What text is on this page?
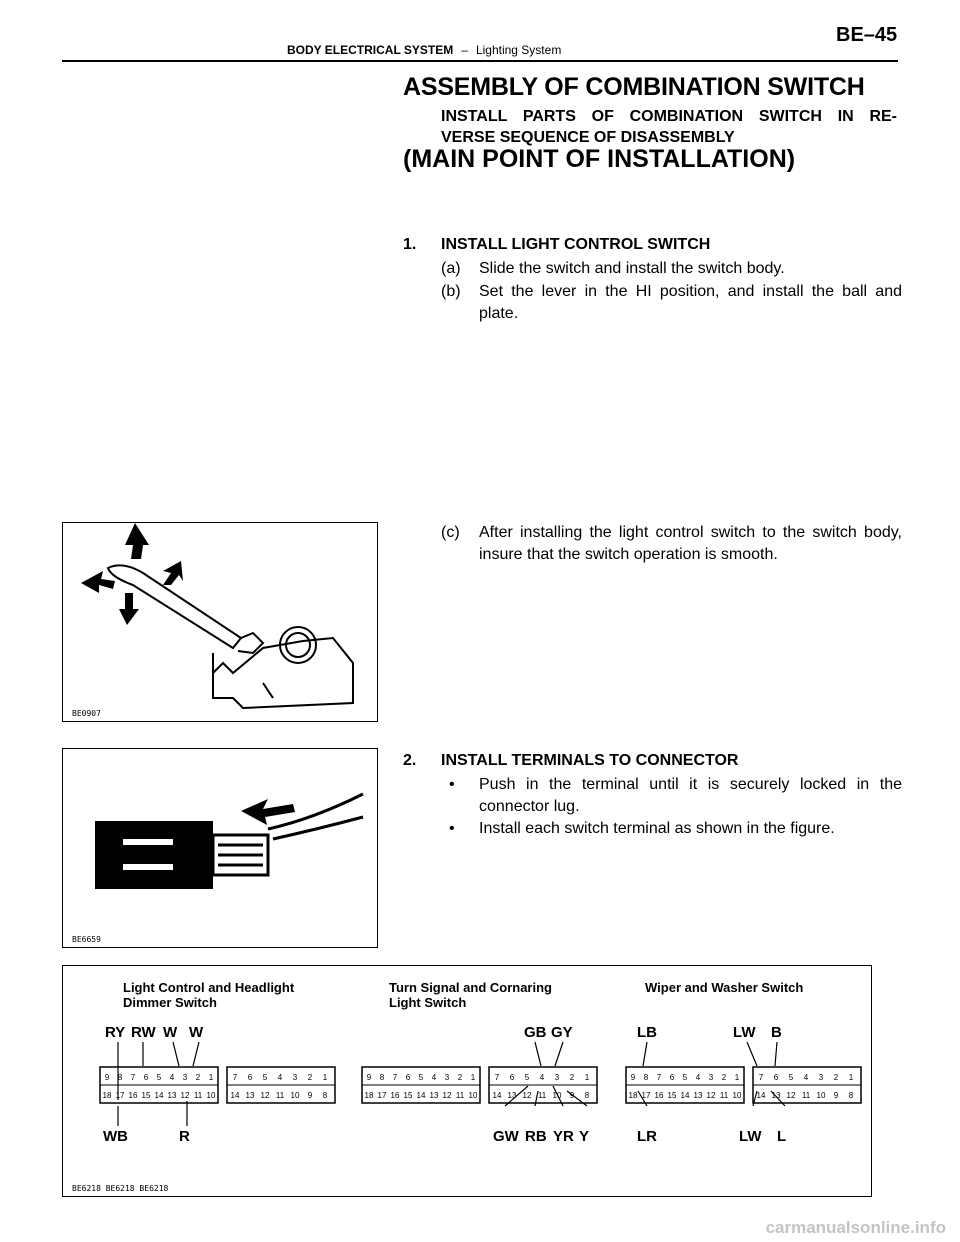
BE–45
BODY ELECTRICAL SYSTEM – Lighting System
ASSEMBLY OF COMBINATION SWITCH
INSTALL PARTS OF COMBINATION SWITCH IN RE-
VERSE SEQUENCE OF DISASSEMBLY
(MAIN POINT OF INSTALLATION)
1. INSTALL LIGHT CONTROL SWITCH
(a) Slide the switch and install the switch body.
(b) Set the lever in the HI position, and install the ball and plate.
(c) After installing the light control switch to the switch body, insure that the switch operation is smooth.
2. INSTALL TERMINALS TO CONNECTOR
• Push in the terminal until it is securely locked in the connector lug.
• Install each switch terminal as shown in the figure.
BE0907
BE6659
Light Control and Headlight
Dimmer Switch
Turn Signal and Cornaring
Light Switch
Wiper and Washer Switch
RY RW W W
WB	R
GB GY
GW RB YR Y
LB	LW B
LR	LW L
9 8 7 6 5 4 3 2 1
18 17 16 15 14 13 12 11 10
7 6 5 4 3 2 1
14 13 12 11 10 9 8
9 8 7 6 5 4 3 2 1
18 17 16 15 14 13 12 11 10
7 6 5 4 3 2 1
14 13 12 11 10 9 8
9 8 7 6 5 4 3 2 1
18 17 16 15 14 13 12 11 10
7 6 5 4 3 2 1
14 13 12 11 10 9 8
BE6218 BE6218 BE6218
carmanualsonline.info
